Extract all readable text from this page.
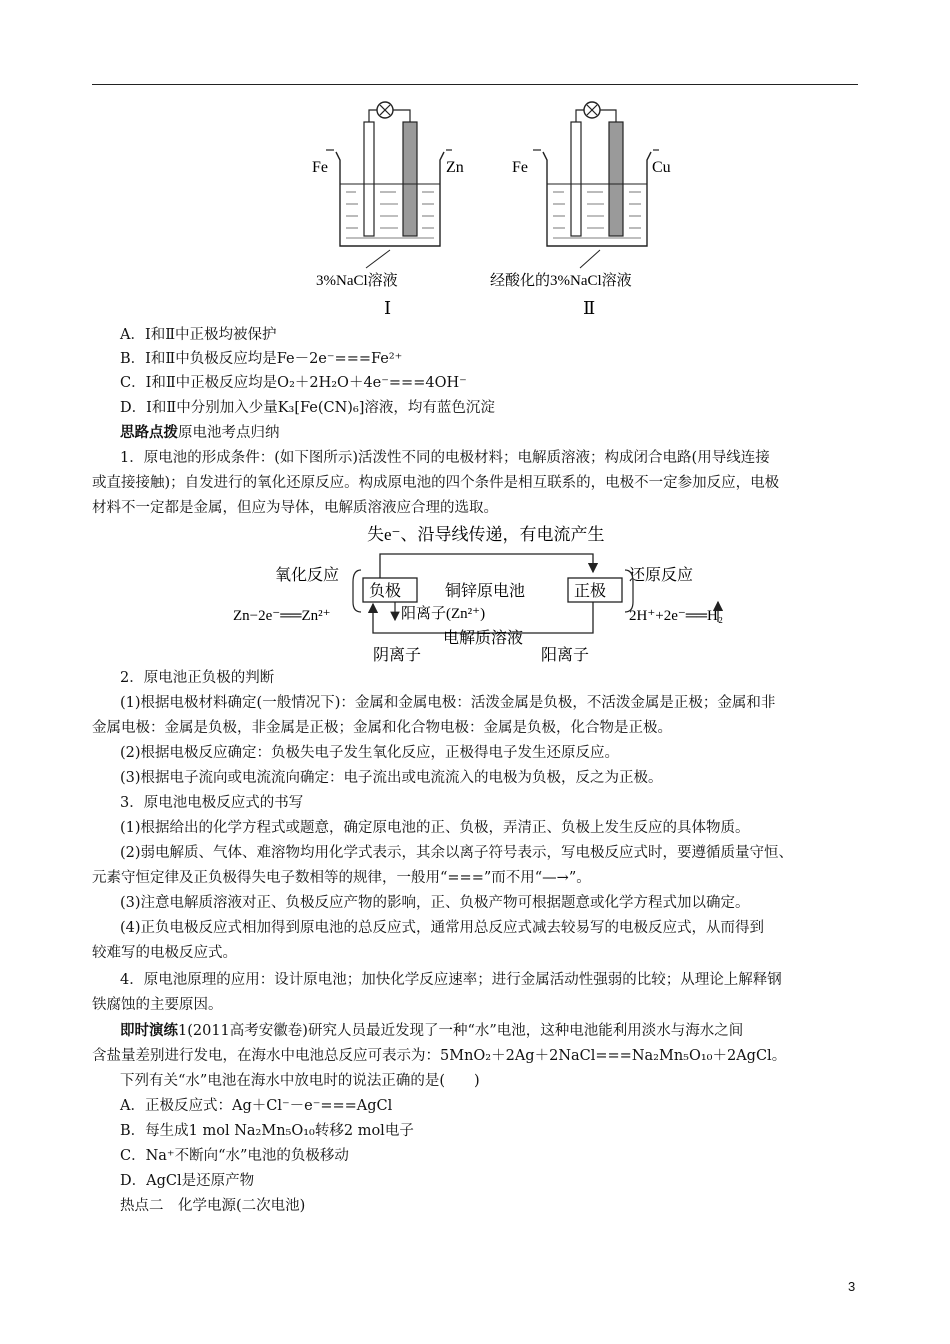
Fe	Zn
3%NaCl溶液
Ⅰ
Fe	Cu
经酸化的3%NaCl溶液
Ⅱ
A．Ⅰ和Ⅱ中正极均被保护
B．Ⅰ和Ⅱ中负极反应均是Fe－2e⁻===Fe²⁺
C．Ⅰ和Ⅱ中正极反应均是O₂＋2H₂O＋4e⁻===4OH⁻
D．Ⅰ和Ⅱ中分别加入少量K₃[Fe(CN)₆]溶液，均有蓝色沉淀
思路点拨原电池考点归纳
1．原电池的形成条件：(如下图所示)活泼性不同的电极材料；电解质溶液；构成闭合电路(用导线连接
或直接接触)；自发进行的氧化还原反应。构成原电池的四个条件是相互联系的，电极不一定参加反应，电极
材料不一定都是金属，但应为导体，电解质溶液应合理的选取。
失e⁻、沿导线传递，有电流产生
负极	正极
氧化反应	还原反应
铜锌原电池
阳离子(Zn²⁺)
Zn−2e⁻══Zn²⁺	2H⁺+2e⁻══H₂
电解质溶液
阴离子	阳离子
2．原电池正负极的判断
(1)根据电极材料确定(一般情况下)：金属和金属电极：活泼金属是负极，不活泼金属是正极；金属和非
金属电极：金属是负极，非金属是正极；金属和化合物电极：金属是负极，化合物是正极。
(2)根据电极反应确定：负极失电子发生氧化反应，正极得电子发生还原反应。
(3)根据电子流向或电流流向确定：电子流出或电流流入的电极为负极，反之为正极。
3．原电池电极反应式的书写
(1)根据给出的化学方程式或题意，确定原电池的正、负极，弄清正、负极上发生反应的具体物质。
(2)弱电解质、气体、难溶物均用化学式表示，其余以离子符号表示，写电极反应式时，要遵循质量守恒、
元素守恒定律及正负极得失电子数相等的规律，一般用“===”而不用“—→”。
(3)注意电解质溶液对正、负极反应产物的影响，正、负极产物可根据题意或化学方程式加以确定。
(4)正负电极反应式相加得到原电池的总反应式，通常用总反应式减去较易写的电极反应式，从而得到
较难写的电极反应式。
4．原电池原理的应用：设计原电池；加快化学反应速率；进行金属活动性强弱的比较；从理论上解释钢
铁腐蚀的主要原因。
即时演练1(2011高考安徽卷)研究人员最近发现了一种“水”电池，这种电池能利用淡水与海水之间
含盐量差别进行发电，在海水中电池总反应可表示为：5MnO₂＋2Ag＋2NaCl===Na₂Mn₅O₁₀＋2AgCl。
下列有关“水”电池在海水中放电时的说法正确的是(　　)
A．正极反应式：Ag＋Cl⁻－e⁻===AgCl
B．每生成1 mol Na₂Mn₅O₁₀转移2 mol电子
C．Na⁺不断向“水”电池的负极移动
D．AgCl是还原产物
热点二　化学电源(二次电池)
3
